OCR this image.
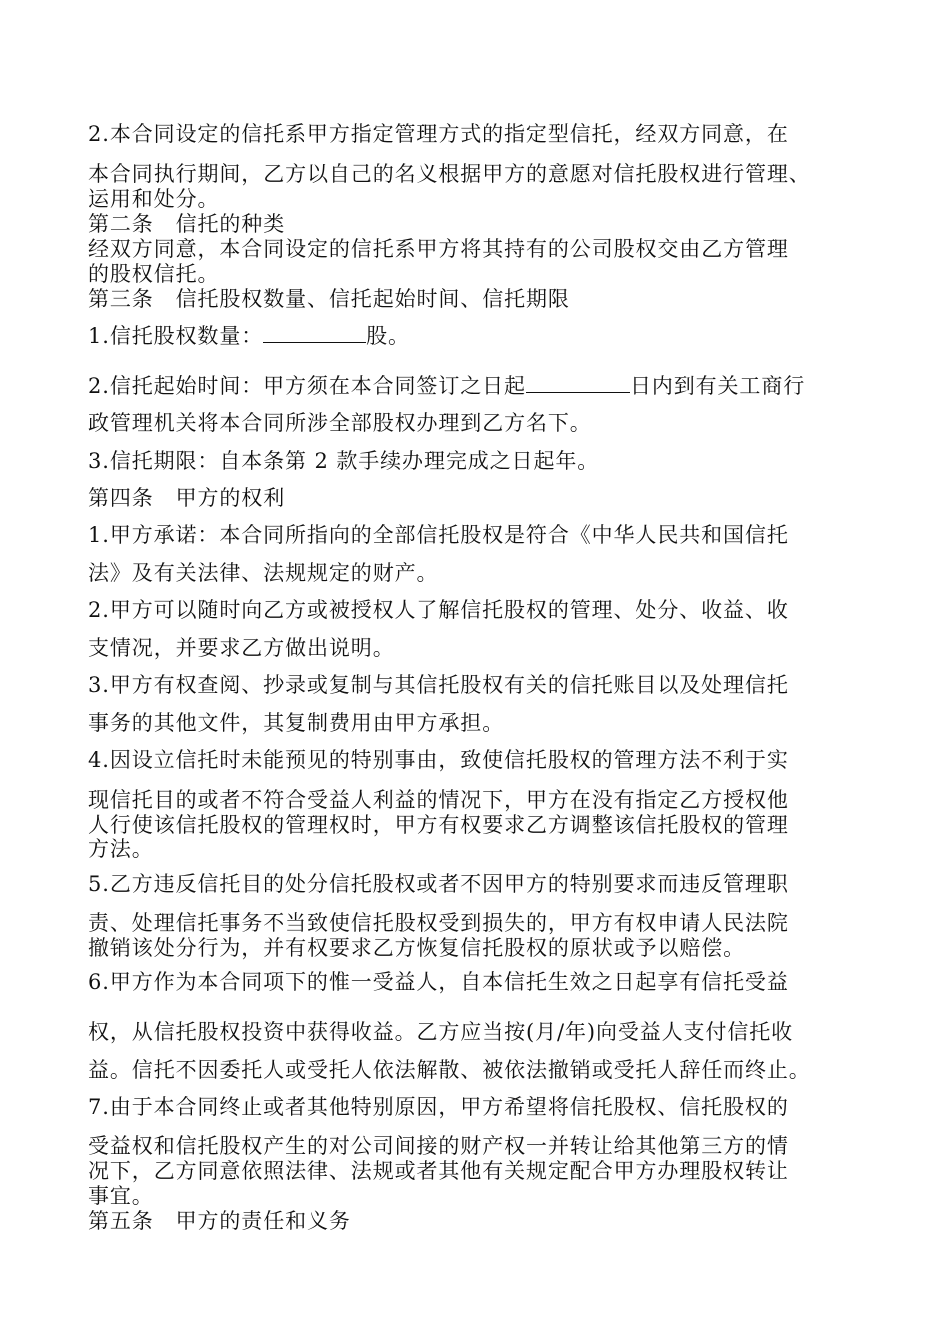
2.本合同设定的信托系甲方指定管理方式的指定型信托，经双方同意，在

本合同执行期间，乙方以自己的名义根据甲方的意愿对信托股权进行管理、

运用和处分。

第二条　信托的种类

经双方同意，本合同设定的信托系甲方将其持有的公司股权交由乙方管理

的股权信托。

第三条　信托股权数量、信托起始时间、信托期限

1.信托股权数量：	股。

2.信托起始时间：甲方须在本合同签订之日起	日内到有关工商行

政管理机关将本合同所涉全部股权办理到乙方名下。

3.信托期限：自本条第 2 款手续办理完成之日起年。

第四条　甲方的权利

1.甲方承诺：本合同所指向的全部信托股权是符合《中华人民共和国信托

法》及有关法律、法规规定的财产。

2.甲方可以随时向乙方或被授权人了解信托股权的管理、处分、收益、收

支情况，并要求乙方做出说明。

3.甲方有权查阅、抄录或复制与其信托股权有关的信托账目以及处理信托

事务的其他文件，其复制费用由甲方承担。

4.因设立信托时未能预见的特别事由，致使信托股权的管理方法不利于实

现信托目的或者不符合受益人利益的情况下，甲方在没有指定乙方授权他

人行使该信托股权的管理权时，甲方有权要求乙方调整该信托股权的管理

方法。

5.乙方违反信托目的处分信托股权或者不因甲方的特别要求而违反管理职

责、处理信托事务不当致使信托股权受到损失的，甲方有权申请人民法院

撤销该处分行为，并有权要求乙方恢复信托股权的原状或予以赔偿。

6.甲方作为本合同项下的惟一受益人，自本信托生效之日起享有信托受益

权，从信托股权投资中获得收益。乙方应当按(月/年)向受益人支付信托收

益。信托不因委托人或受托人依法解散、被依法撤销或受托人辞任而终止。

7.由于本合同终止或者其他特别原因，甲方希望将信托股权、信托股权的

受益权和信托股权产生的对公司间接的财产权一并转让给其他第三方的情

况下，乙方同意依照法律、法规或者其他有关规定配合甲方办理股权转让

事宜。

第五条　甲方的责任和义务
